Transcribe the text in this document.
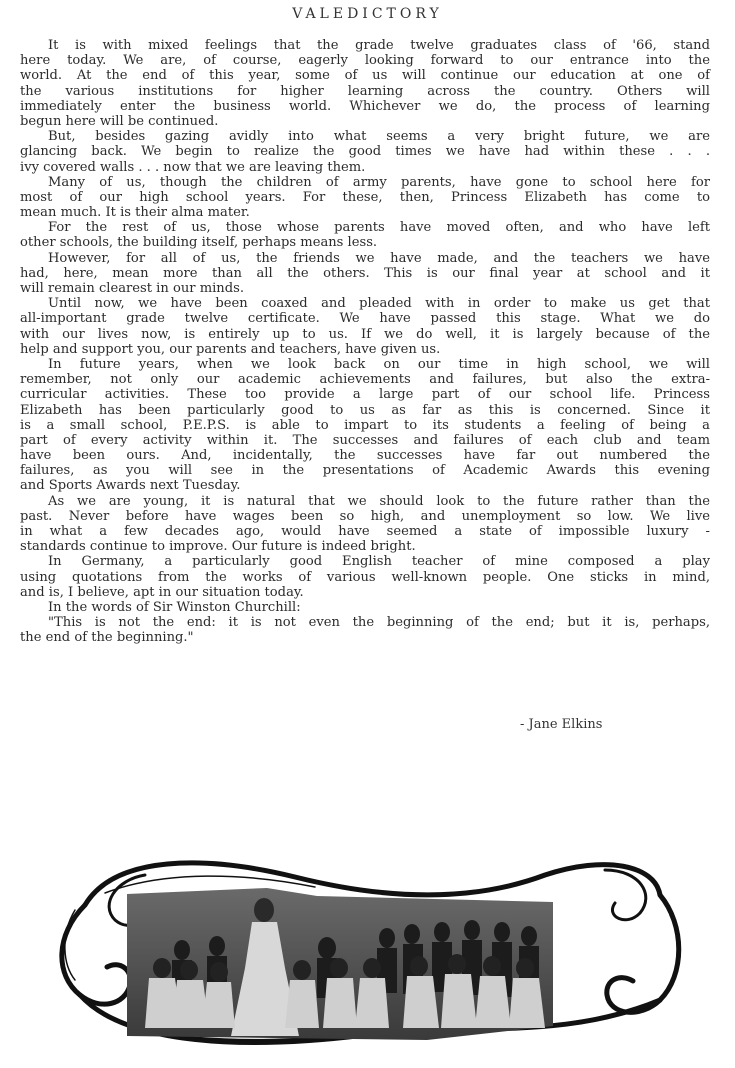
VALEDICTORY
It is with mixed feelings that the grade twelve graduates class of '66, stand
here today. We are, of course, eagerly looking forward to our entrance into the
world. At the end of this year, some of us will continue our education at one of
the various institutions for higher learning across the country. Others will
immediately enter the business world. Whichever we do, the process of learning
begun here will be continued.
But, besides gazing avidly into what seems a very bright future, we are
glancing back. We begin to realize the good times we have had within these . . .
ivy covered walls . . . now that we are leaving them.
Many of us, though the children of army parents, have gone to school here for
most of our high school years. For these, then, Princess Elizabeth has come to
mean much. It is their alma mater.
For the rest of us, those whose parents have moved often, and who have left
other schools, the building itself, perhaps means less.
However, for all of us, the friends we have made, and the teachers we have
had, here, mean more than all the others. This is our final year at school and it
will remain clearest in our minds.
Until now, we have been coaxed and pleaded with in order to make us get that
all-important grade twelve certificate. We have passed this stage. What we do
with our lives now, is entirely up to us. If we do well, it is largely because of the
help and support you, our parents and teachers, have given us.
In future years, when we look back on our time in high school, we will
remember, not only our academic achievements and failures, but also the extra-
curricular activities. These too provide a large part of our school life. Princess
Elizabeth has been particularly good to us as far as this is concerned. Since it
is a small school, P.E.P.S. is able to impart to its students a feeling of being a
part of every activity within it. The successes and failures of each club and team
have been ours. And, incidentally, the successes have far out numbered the
failures, as you will see in the presentations of Academic Awards this evening
and Sports Awards next Tuesday.
As we are young, it is natural that we should look to the future rather than the
past. Never before have wages been so high, and unemployment so low. We live
in what a few decades ago, would have seemed a state of impossible luxury -
standards continue to improve. Our future is indeed bright.
In Germany, a particularly good English teacher of mine composed a play
using quotations from the works of various well-known people. One sticks in mind,
and is, I believe, apt in our situation today.
In the words of Sir Winston Churchill:
"This is not the end: it is not even the beginning of the end; but it is, perhaps,
the end of the beginning."
- Jane Elkins
